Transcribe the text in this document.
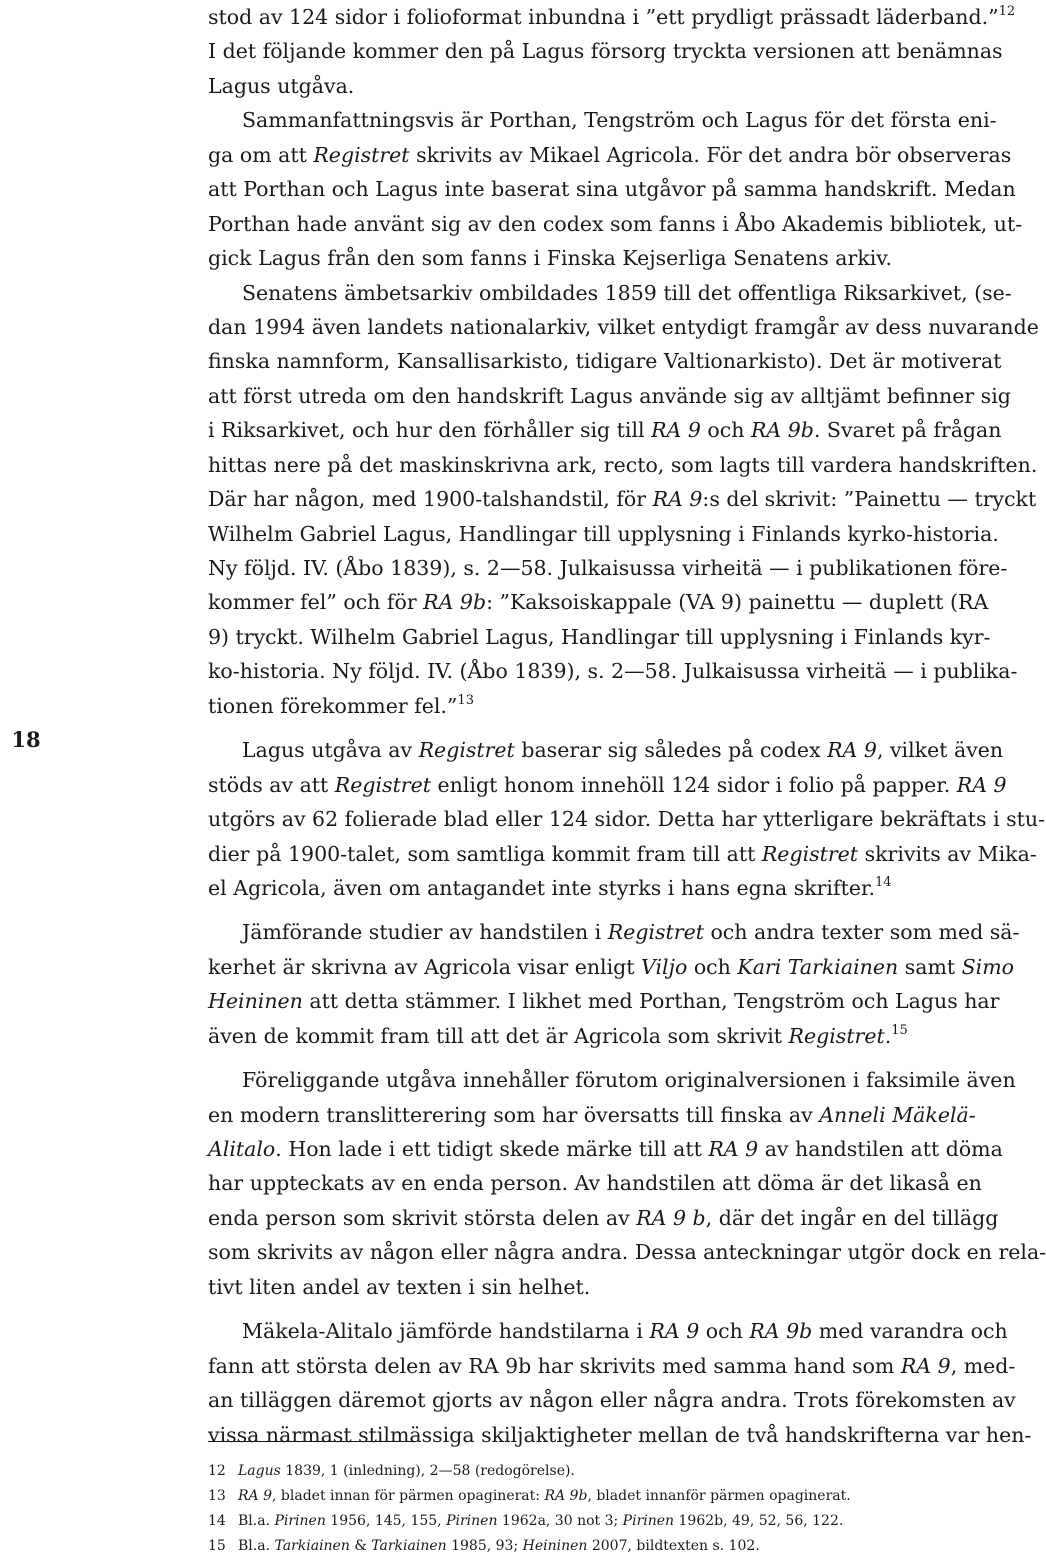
18
stod av 124 sidor i folioformat inbundna i ”ett prydligt prässadt läderband.”$^{12}$
I det följande kommer den på Lagus försorg tryckta versionen att benämnas
Lagus utgåva.
Sammanfattningsvis är Porthan, Tengström och Lagus för det första eni-
ga om att Registret skrivits av Mikael Agricola. För det andra bör observeras
att Porthan och Lagus inte baserat sina utgåvor på samma handskrift. Medan
Porthan hade använt sig av den codex som fanns i Åbo Akademis bibliotek, ut-
gick Lagus från den som fanns i Finska Kejserliga Senatens arkiv.
Senatens ämbetsarkiv ombildades 1859 till det offentliga Riksarkivet, (se-
dan 1994 även landets nationalarkiv, vilket entydigt framgår av dess nuvarande
finska namnform, Kansallisarkisto, tidigare Valtionarkisto). Det är motiverat
att först utreda om den handskrift Lagus använde sig av alltjämt befinner sig
i Riksarkivet, och hur den förhåller sig till RA 9 och RA 9b. Svaret på frågan
hittas nere på det maskinskrivna ark, recto, som lagts till vardera handskriften.
Där har någon, med 1900-talshandstil, för RA 9:s del skrivit: ”Painettu — tryckt
Wilhelm Gabriel Lagus, Handlingar till upplysning i Finlands kyrko-historia.
Ny följd. IV. (Åbo 1839), s. 2—58. Julkaisussa virheitä — i publikationen före-
kommer fel” och för RA 9b: ”Kaksoiskappale (VA 9) painettu — duplett (RA
9) tryckt. Wilhelm Gabriel Lagus, Handlingar till upplysning i Finlands kyr-
ko-historia. Ny följd. IV. (Åbo 1839), s. 2—58. Julkaisussa virheitä — i publika-
tionen förekommer fel.”$^{13}$
Lagus utgåva av Registret baserar sig således på codex RA 9, vilket även
stöds av att Registret enligt honom innehöll 124 sidor i folio på papper. RA 9
utgörs av 62 folierade blad eller 124 sidor. Detta har ytterligare bekräftats i stu-
dier på 1900-talet, som samtliga kommit fram till att Registret skrivits av Mika-
el Agricola, även om antagandet inte styrks i hans egna skrifter.$^{14}$
Jämförande studier av handstilen i Registret och andra texter som med sä-
kerhet är skrivna av Agricola visar enligt Viljo och Kari Tarkiainen samt Simo
Heininen att detta stämmer. I likhet med Porthan, Tengström och Lagus har
även de kommit fram till att det är Agricola som skrivit Registret.$^{15}$
Föreliggande utgåva innehåller förutom originalversionen i faksimile även
en modern translitterering som har översatts till finska av Anneli Mäkelä-
Alitalo. Hon lade i ett tidigt skede märke till att RA 9 av handstilen att döma
har uppteckats av en enda person. Av handstilen att döma är det likaså en
enda person som skrivit största delen av RA 9 b, där det ingår en del tillägg
som skrivits av någon eller några andra. Dessa anteckningar utgör dock en rela-
tivt liten andel av texten i sin helhet.
Mäkela-Alitalo jämförde handstilarna i RA 9 och RA 9b med varandra och
fann att största delen av RA 9b har skrivits med samma hand som RA 9, med-
an tilläggen däremot gjorts av någon eller några andra. Trots förekomsten av
vissa närmast stilmässiga skiljaktigheter mellan de två handskrifterna var hen-
12 Lagus 1839, 1 (inledning), 2—58 (redogörelse).
13 RA 9, bladet innan för pärmen opaginerat: RA 9b, bladet innanför pärmen opaginerat.
14 Bl.a. Pirinen 1956, 145, 155, Pirinen 1962a, 30 not 3; Pirinen 1962b, 49, 52, 56, 122.
15 Bl.a. Tarkiainen & Tarkiainen 1985, 93; Heininen 2007, bildtexten s. 102.
